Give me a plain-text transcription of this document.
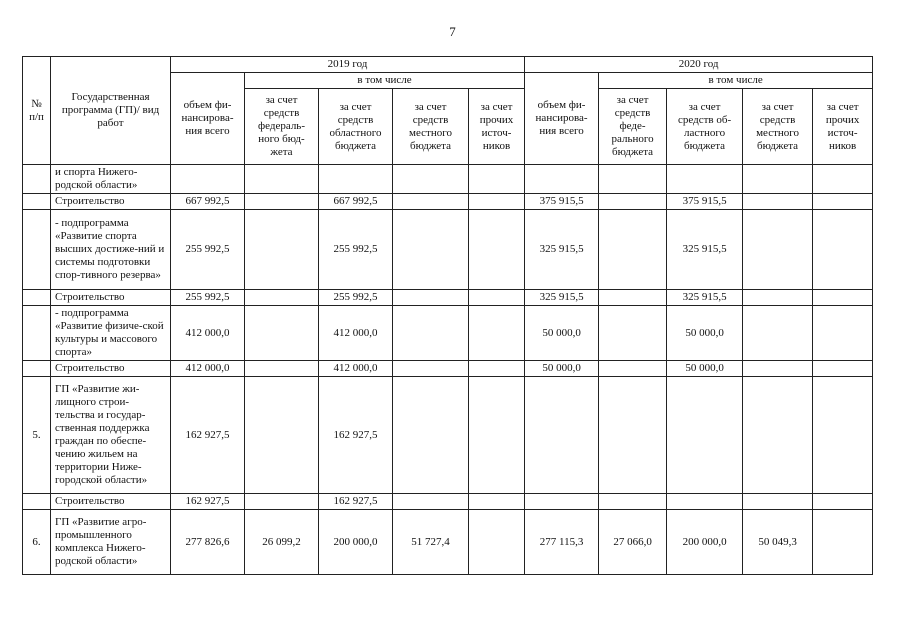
7
№ п/п	Государственная программа (ГП)/ вид работ	2019 год					2020 год				
		объем фи-нансирова-ния всего	в том числе				объем фи-нансирова-ния всего	в том числе			
			за счет средств федераль-ного бюд-жета	за счет средств областного бюджета	за счет средств местного бюджета	за счет прочих источ-ников		за счет средств феде-рального бюджета	за счет средств об-ластного бюджета	за счет средств местного бюджета	за счет прочих источ-ников
	и спорта Нижего-родской области»										
	Строительство	667 992,5		667 992,5			375 915,5		375 915,5		
	- подпрограмма «Развитие спорта высших достиже-ний и системы подготовки спор-тивного резерва»	255 992,5		255 992,5			325 915,5		325 915,5		
	Строительство	255 992,5		255 992,5			325 915,5		325 915,5		
	- подпрограмма «Развитие физиче-ской культуры и массового спорта»	412 000,0		412 000,0			50 000,0		50 000,0		
	Строительство	412 000,0		412 000,0			50 000,0		50 000,0		
5.	ГП «Развитие жи-лищного строи-тельства и государ-ственная поддержка граждан по обеспе-чению жильем на территории Ниже-городской области»	162 927,5		162 927,5							
	Строительство	162 927,5		162 927,5							
6.	ГП «Развитие агро-промышленного комплекса Нижего-родской области»	277 826,6	26 099,2	200 000,0	51 727,4		277 115,3	27 066,0	200 000,0	50 049,3	
